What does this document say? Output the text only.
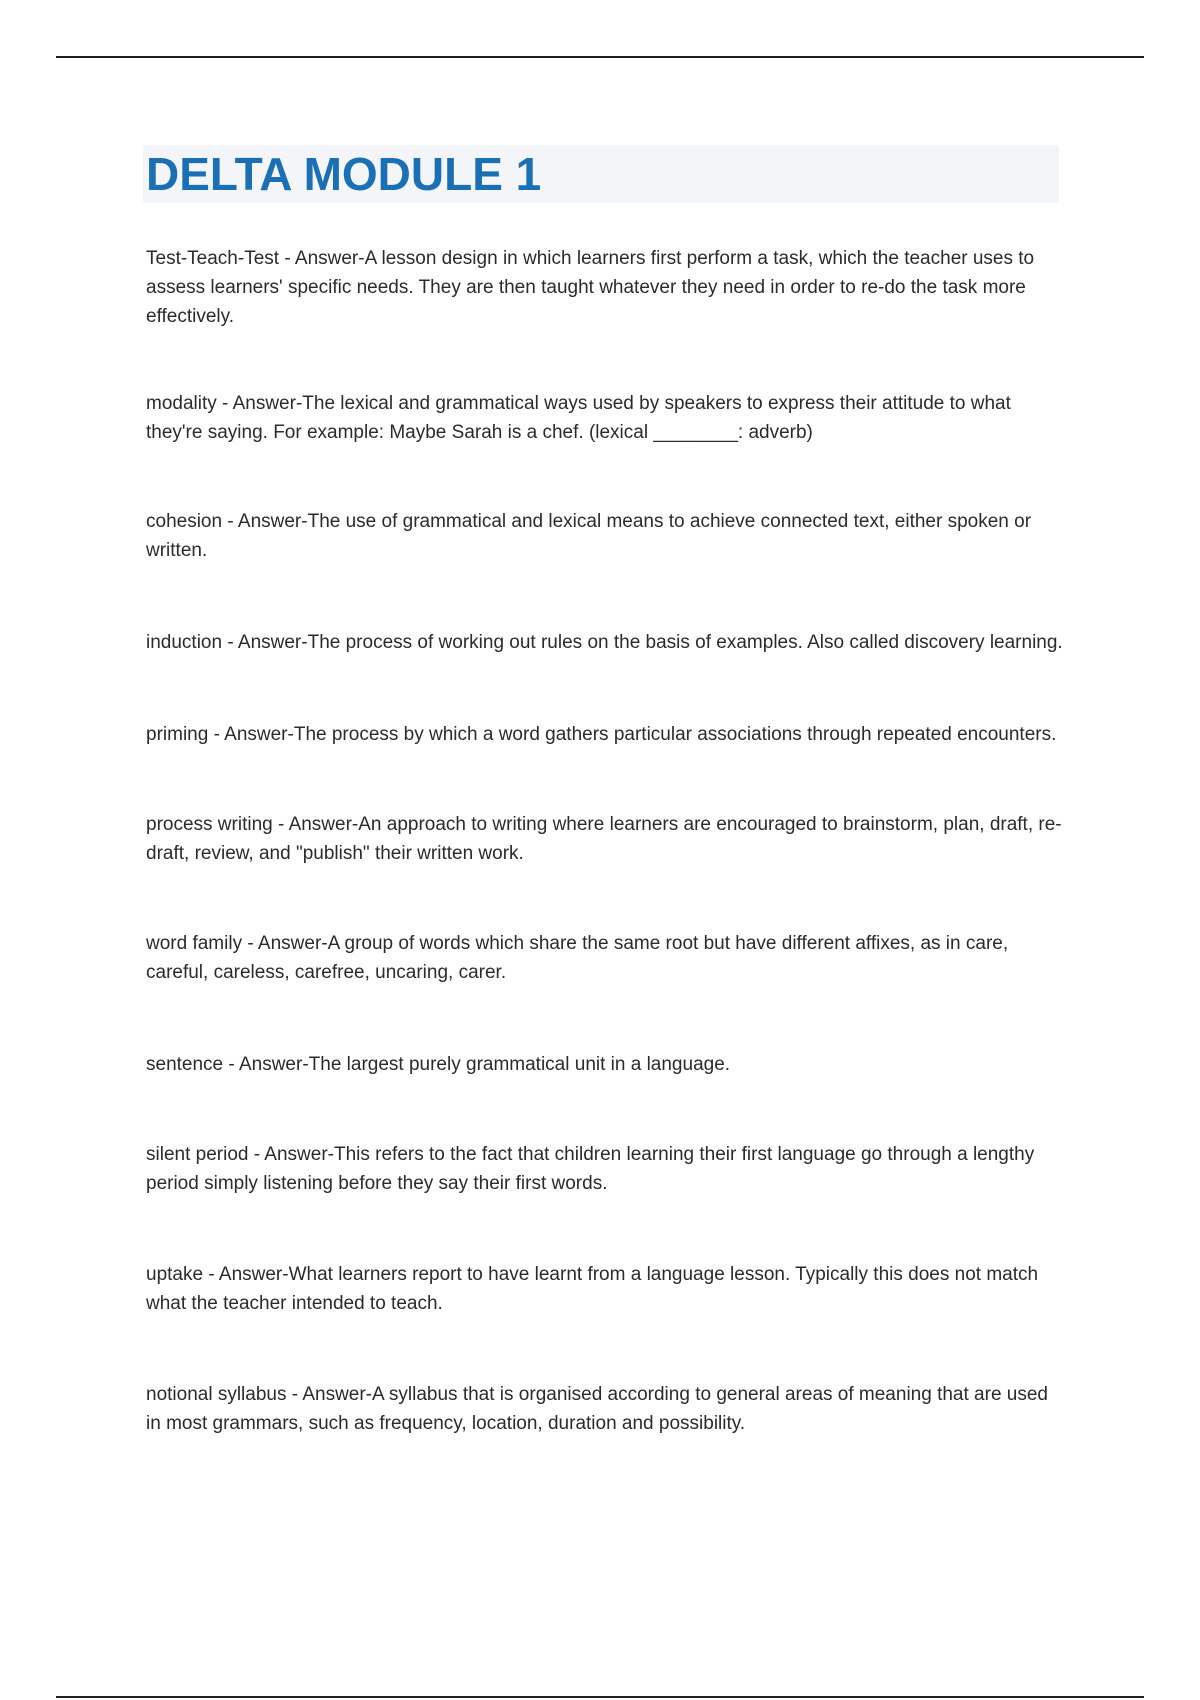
DELTA MODULE 1

Test-Teach-Test - Answer-A lesson design in which learners first perform a task, which the teacher uses to assess learners' specific needs. They are then taught whatever they need in order to re-do the task more effectively.

modality - Answer-The lexical and grammatical ways used by speakers to express their attitude to what they're saying. For example: Maybe Sarah is a chef. (lexical ________: adverb)

cohesion - Answer-The use of grammatical and lexical means to achieve connected text, either spoken or written.

induction - Answer-The process of working out rules on the basis of examples. Also called discovery learning.

priming - Answer-The process by which a word gathers particular associations through repeated encounters.

process writing - Answer-An approach to writing where learners are encouraged to brainstorm, plan, draft, re-draft, review, and "publish" their written work.

word family - Answer-A group of words which share the same root but have different affixes, as in care, careful, careless, carefree, uncaring, carer.

sentence - Answer-The largest purely grammatical unit in a language.

silent period - Answer-This refers to the fact that children learning their first language go through a lengthy period simply listening before they say their first words.

uptake - Answer-What learners report to have learnt from a language lesson. Typically this does not match what the teacher intended to teach.

notional syllabus - Answer-A syllabus that is organised according to general areas of meaning that are used in most grammars, such as frequency, location, duration and possibility.
